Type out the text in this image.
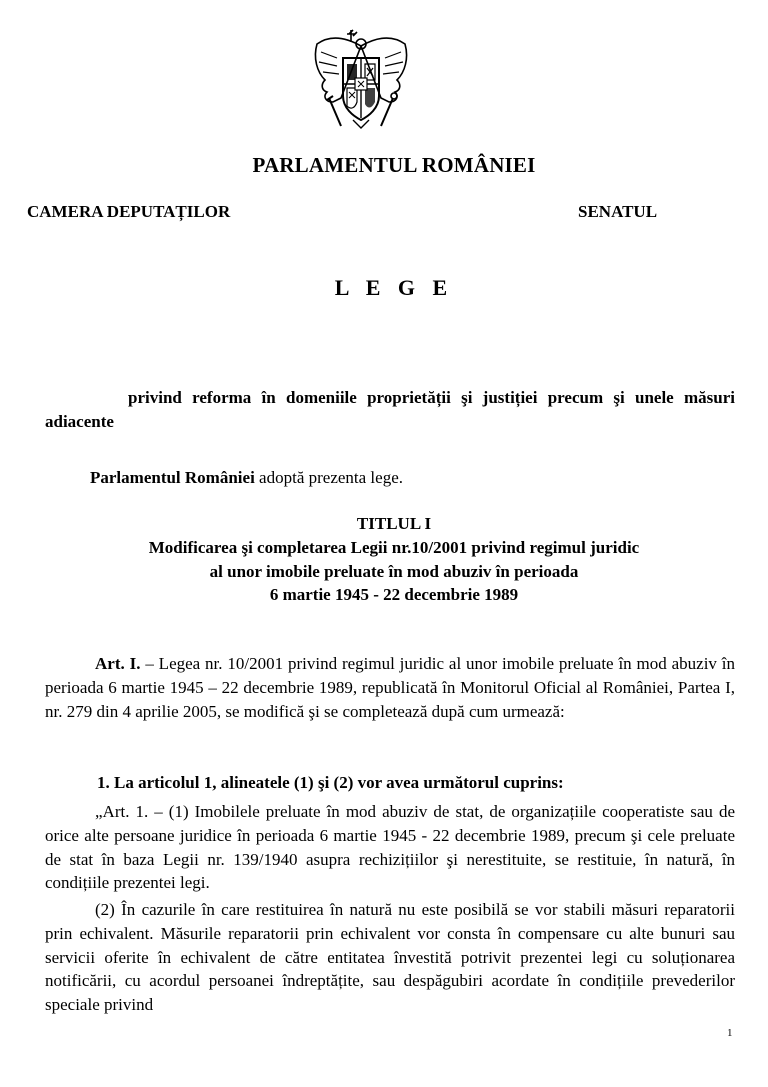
PARLAMENTUL ROMÂNIEI
CAMERA DEPUTAȚILOR	SENATUL
L E G E
privind reforma în domeniile proprietății şi justiției precum şi unele măsuri adiacente
Parlamentul României adoptă prezenta lege.
TITLUL I
Modificarea şi completarea Legii nr.10/2001 privind regimul juridic
al unor imobile preluate în mod abuziv în perioada
6 martie 1945 - 22 decembrie 1989
Art. I. – Legea nr. 10/2001 privind regimul juridic al unor imobile preluate în mod abuziv în perioada 6 martie 1945 – 22 decembrie 1989, republicată în Monitorul Oficial al României, Partea I, nr. 279 din 4 aprilie 2005, se modifică şi se completează după cum urmează:
1. La articolul 1, alineatele (1) şi (2) vor avea următorul cuprins:
„Art. 1. – (1) Imobilele preluate în mod abuziv de stat, de organizațiile cooperatiste sau de orice alte persoane juridice în perioada 6 martie 1945 - 22 decembrie 1989, precum şi cele preluate de stat în baza Legii nr. 139/1940 asupra rechizițiilor şi nerestituite, se restituie, în natură, în condițiile prezentei legi.
(2) În cazurile în care restituirea în natură nu este posibilă se vor stabili măsuri reparatorii prin echivalent. Măsurile reparatorii prin echivalent vor consta în compensare cu alte bunuri sau servicii oferite în echivalent de către entitatea învestită potrivit prezentei legi cu soluționarea notificării, cu acordul persoanei îndreptățite, sau despăgubiri acordate în condițiile prevederilor speciale privind
1
